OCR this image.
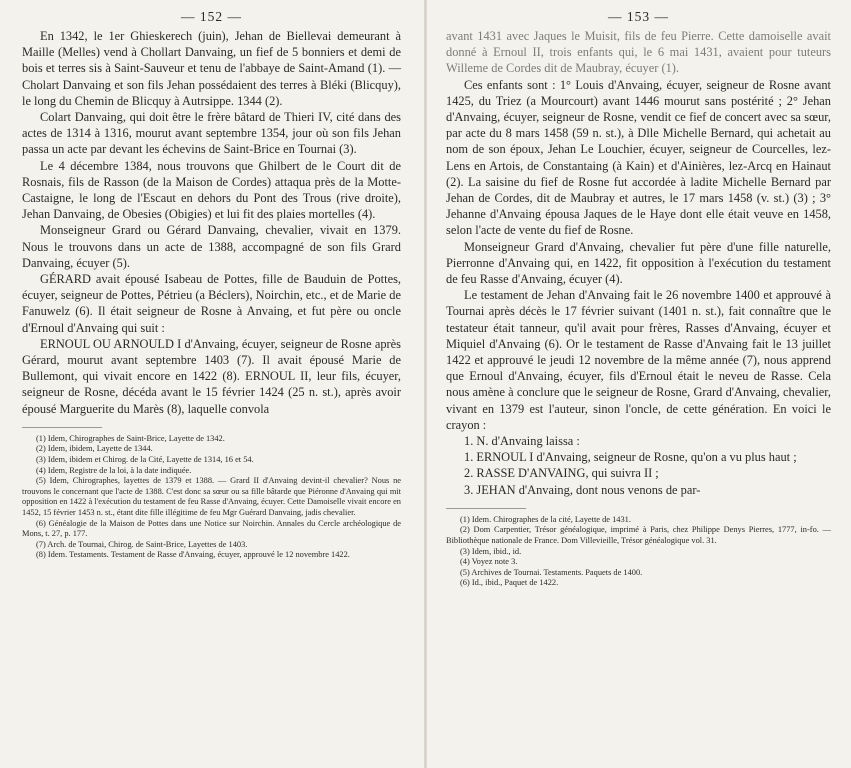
— 152 —

En 1342, le 1er Ghieskerech (juin), Jehan de Biellevai demeurant à Maille (Melles) vend à Chollart Danvaing, un fief de 5 bonniers et demi de bois et terres sis à Saint-Sauveur et tenu de l'abbaye de Saint-Amand (1). — Cholart Danvaing et son fils Jehan possédaient des terres à Bléki (Blicquy), le long du Chemin de Blicquy à Autrsippe. 1344 (2).

Colart Danvaing, qui doit être le frère bâtard de Thieri IV, cité dans des actes de 1314 à 1316, mourut avant septembre 1354, jour où son fils Jehan passa un acte par devant les échevins de Saint-Brice en Tournai (3).

Le 4 décembre 1384, nous trouvons que Ghilbert de le Court dit de Rosnais, fils de Rasson (de la Maison de Cordes) attaqua près de la Motte-Castaigne, le long de l'Escaut en dehors du Pont des Trous (rive droite), Jehan Danvaing, de Obesies (Obigies) et lui fit des plaies mortelles (4).

Monseigneur Grard ou Gérard Danvaing, chevalier, vivait en 1379. Nous le trouvons dans un acte de 1388, accompagné de son fils Grard Danvaing, écuyer (5).

GÉRARD avait épousé Isabeau de Pottes, fille de Bauduin de Pottes, écuyer, seigneur de Pottes, Pétrieu (a Béclers), Noirchin, etc., et de Marie de Fanuwelz (6). Il était seigneur de Rosne à Anvaing, et fut père ou oncle d'Ernoul d'Anvaing qui suit :

ERNOUL OU ARNOULD I d'Anvaing, écuyer, seigneur de Rosne après Gérard, mourut avant septembre 1403 (7). Il avait épousé Marie de Bullemont, qui vivait encore en 1422 (8). ERNOUL II, leur fils, écuyer, seigneur de Rosne, décéda avant le 15 février 1424 (25 n. st.), après avoir épousé Marguerite du Marès (8), laquelle convola

(1) Idem, Chirographes de Saint-Brice, Layette de 1342.

(2) Idem, ibidem, Layette de 1344.

(3) Idem, ibidem et Chirog. de la Cité, Layette de 1314, 16 et 54.

(4) Idem, Registre de la loi, à la date indiquée.

(5) Idem, Chirographes, layettes de 1379 et 1388. — Grard II d'Anvaing devint-il chevalier? Nous ne trouvons le concernant que l'acte de 1388. C'est donc sa sœur ou sa fille bâtarde que Piéronne d'Anvaing qui mit opposition en 1422 à l'exécution du testament de feu Rasse d'Anvaing, écuyer. Cette Damoiselle vivait encore en 1452, 15 février 1453 n. st., étant dite fille illégitime de feu Mgr Guérard Danvaing, jadis chevalier.

(6) Généalogie de la Maison de Pottes dans une Notice sur Noirchin. Annales du Cercle archéologique de Mons, t. 27, p. 177.

(7) Arch. de Tournai, Chirog. de Saint-Brice, Layettes de 1403.

(8) Idem. Testaments. Testament de Rasse d'Anvaing, écuyer, approuvé le 12 novembre 1422.

— 153 —

avant 1431 avec Jaques le Muisit, fils de feu Pierre. Cette damoiselle avait donné à Ernoul II, trois enfants qui, le 6 mai 1431, avaient pour tuteurs Willeme de Cordes dit de Maubray, écuyer (1).

Ces enfants sont : 1° Louis d'Anvaing, écuyer, seigneur de Rosne avant 1425, du Triez (a Mourcourt) avant 1446 mourut sans postérité ; 2° Jehan d'Anvaing, écuyer, seigneur de Rosne, vendit ce fief de concert avec sa sœur, par acte du 8 mars 1458 (59 n. st.), à Dlle Michelle Bernard, qui achetait au nom de son époux, Jehan Le Louchier, écuyer, seigneur de Courcelles, lez-Lens en Artois, de Constantaing (à Kain) et d'Ainières, lez-Arcq en Hainaut (2). La saisine du fief de Rosne fut accordée à ladite Michelle Bernard par Jehan de Cordes, dit de Maubray et autres, le 17 mars 1458 (v. st.) (3) ; 3° Jehanne d'Anvaing épousa Jaques de le Haye dont elle était veuve en 1458, selon l'acte de vente du fief de Rosne.

Monseigneur Grard d'Anvaing, chevalier fut père d'une fille naturelle, Pierronne d'Anvaing qui, en 1422, fit opposition à l'exécution du testament de feu Rasse d'Anvaing, écuyer (4).

Le testament de Jehan d'Anvaing fait le 26 novembre 1400 et approuvé à Tournai après décès le 17 février suivant (1401 n. st.), fait connaître que le testateur était tanneur, qu'il avait pour frères, Rasses d'Anvaing, écuyer et Miquiel d'Anvaing (6). Or le testament de Rasse d'Anvaing fait le 13 juillet 1422 et approuvé le jeudi 12 novembre de la même année (7), nous apprend que Ernoul d'Anvaing, écuyer, fils d'Ernoul était le neveu de Rasse. Cela nous amène à conclure que le seigneur de Rosne, Grard d'Anvaing, chevalier, vivant en 1379 est l'auteur, sinon l'oncle, de cette génération. En voici le crayon :

1. N. d'Anvaing laissa :

1. ERNOUL I d'Anvaing, seigneur de Rosne, qu'on a vu plus haut ;

2. RASSE D'ANVAING, qui suivra II ;

3. JEHAN d'Anvaing, dont nous venons de par-

(1) Idem. Chirographes de la cité, Layette de 1431.

(2) Dom Carpentier, Trésor généalogique, imprimé à Paris, chez Philippe Denys Pierres, 1777, in-fo. — Bibliothèque nationale de France. Dom Villevieille, Trésor généalogique vol. 31.

(3) Idem, ibid., id.

(4) Voyez note 3.

(5) Archives de Tournai. Testaments. Paquets de 1400.

(6) Id., ibid., Paquet de 1422.
